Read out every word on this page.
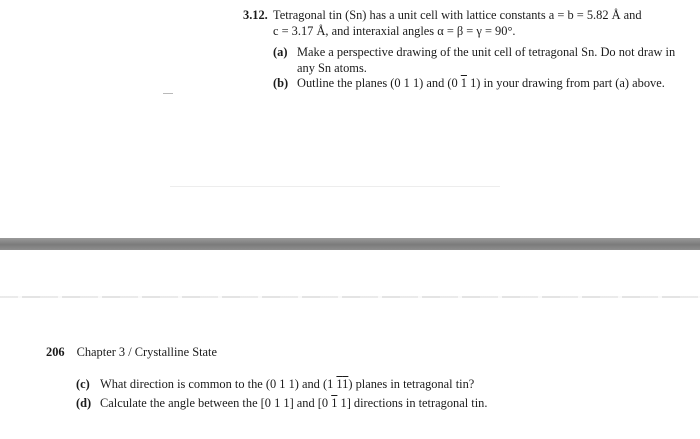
3.12. Tetragonal tin (Sn) has a unit cell with lattice constants a = b = 5.82 Å and
c = 3.17 Å, and interaxial angles α = β = γ = 90°.
(a) Make a perspective drawing of the unit cell of tetragonal Sn. Do not draw in any Sn atoms.
(b) Outline the planes (0 1 1) and (0 1 1) in your drawing from part (a) above.
206 Chapter 3 / Crystalline State
(c) What direction is common to the (0 1 1) and (1 11) planes in tetragonal tin?
(d) Calculate the angle between the [0 1 1] and [0 1 1] directions in tetragonal tin.
